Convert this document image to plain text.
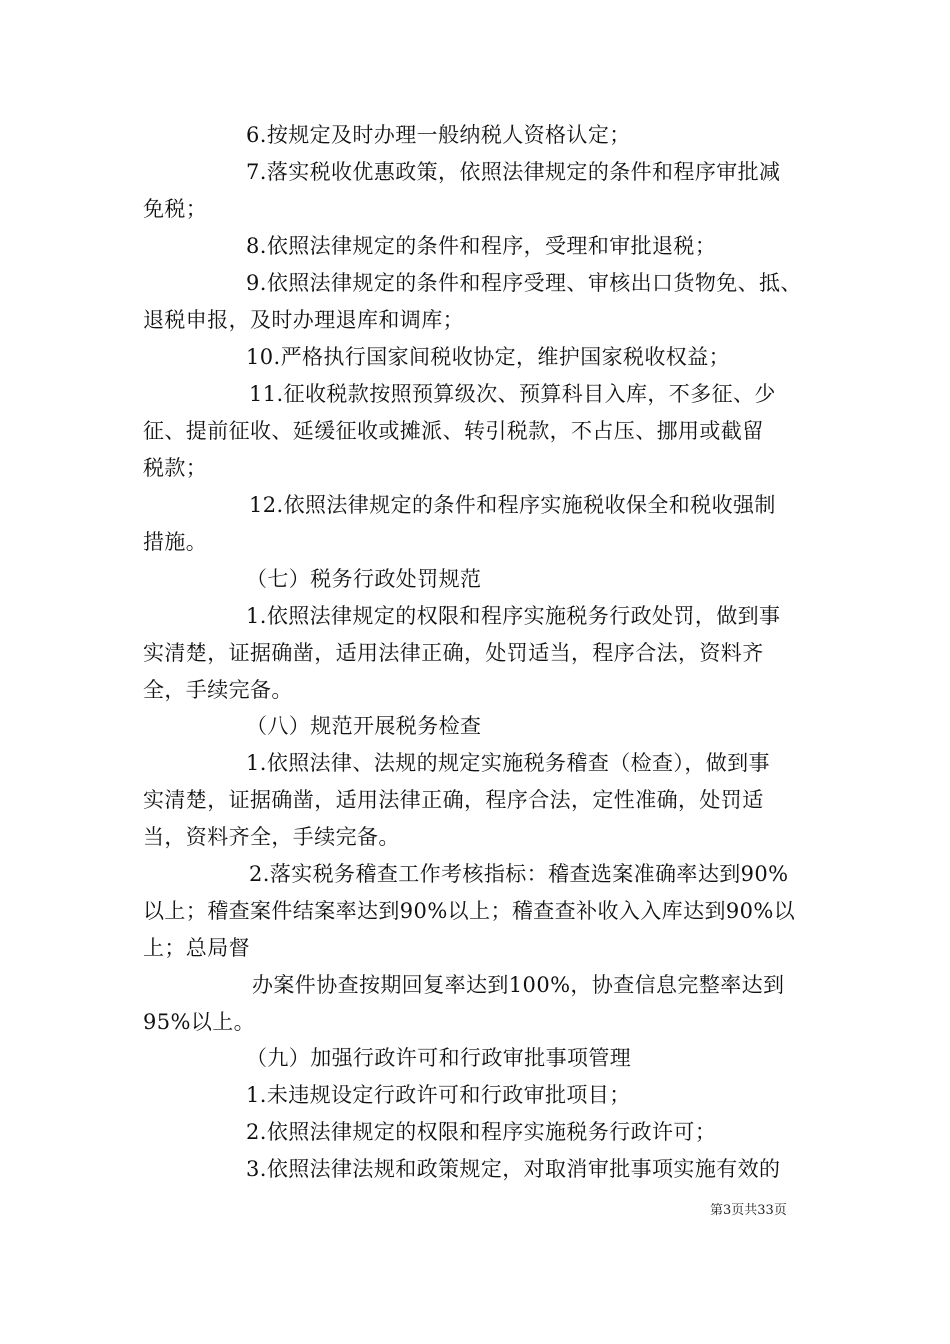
6.按规定及时办理一般纳税人资格认定；
7.落实税收优惠政策，依照法律规定的条件和程序审批减
免税；
8.依照法律规定的条件和程序，受理和审批退税；
9.依照法律规定的条件和程序受理、审核出口货物免、抵、
退税申报，及时办理退库和调库；
10.严格执行国家间税收协定，维护国家税收权益；
11.征收税款按照预算级次、预算科目入库，不多征、少
征、提前征收、延缓征收或摊派、转引税款，不占压、挪用或截留
税款；
12.依照法律规定的条件和程序实施税收保全和税收强制
措施。
（七）税务行政处罚规范
1.依照法律规定的权限和程序实施税务行政处罚，做到事
实清楚，证据确凿，适用法律正确，处罚适当，程序合法，资料齐
全，手续完备。
（八）规范开展税务检查
1.依照法律、法规的规定实施税务稽查（检查），做到事
实清楚，证据确凿，适用法律正确，程序合法，定性准确，处罚适
当，资料齐全，手续完备。
2.落实税务稽查工作考核指标：稽查选案准确率达到90%
以上；稽查案件结案率达到90%以上；稽查查补收入入库达到90%以
上；总局督
办案件协查按期回复率达到100%，协查信息完整率达到
95%以上。
（九）加强行政许可和行政审批事项管理
1.未违规设定行政许可和行政审批项目；
2.依照法律规定的权限和程序实施税务行政许可；
3.依照法律法规和政策规定，对取消审批事项实施有效的
第3页共33页
